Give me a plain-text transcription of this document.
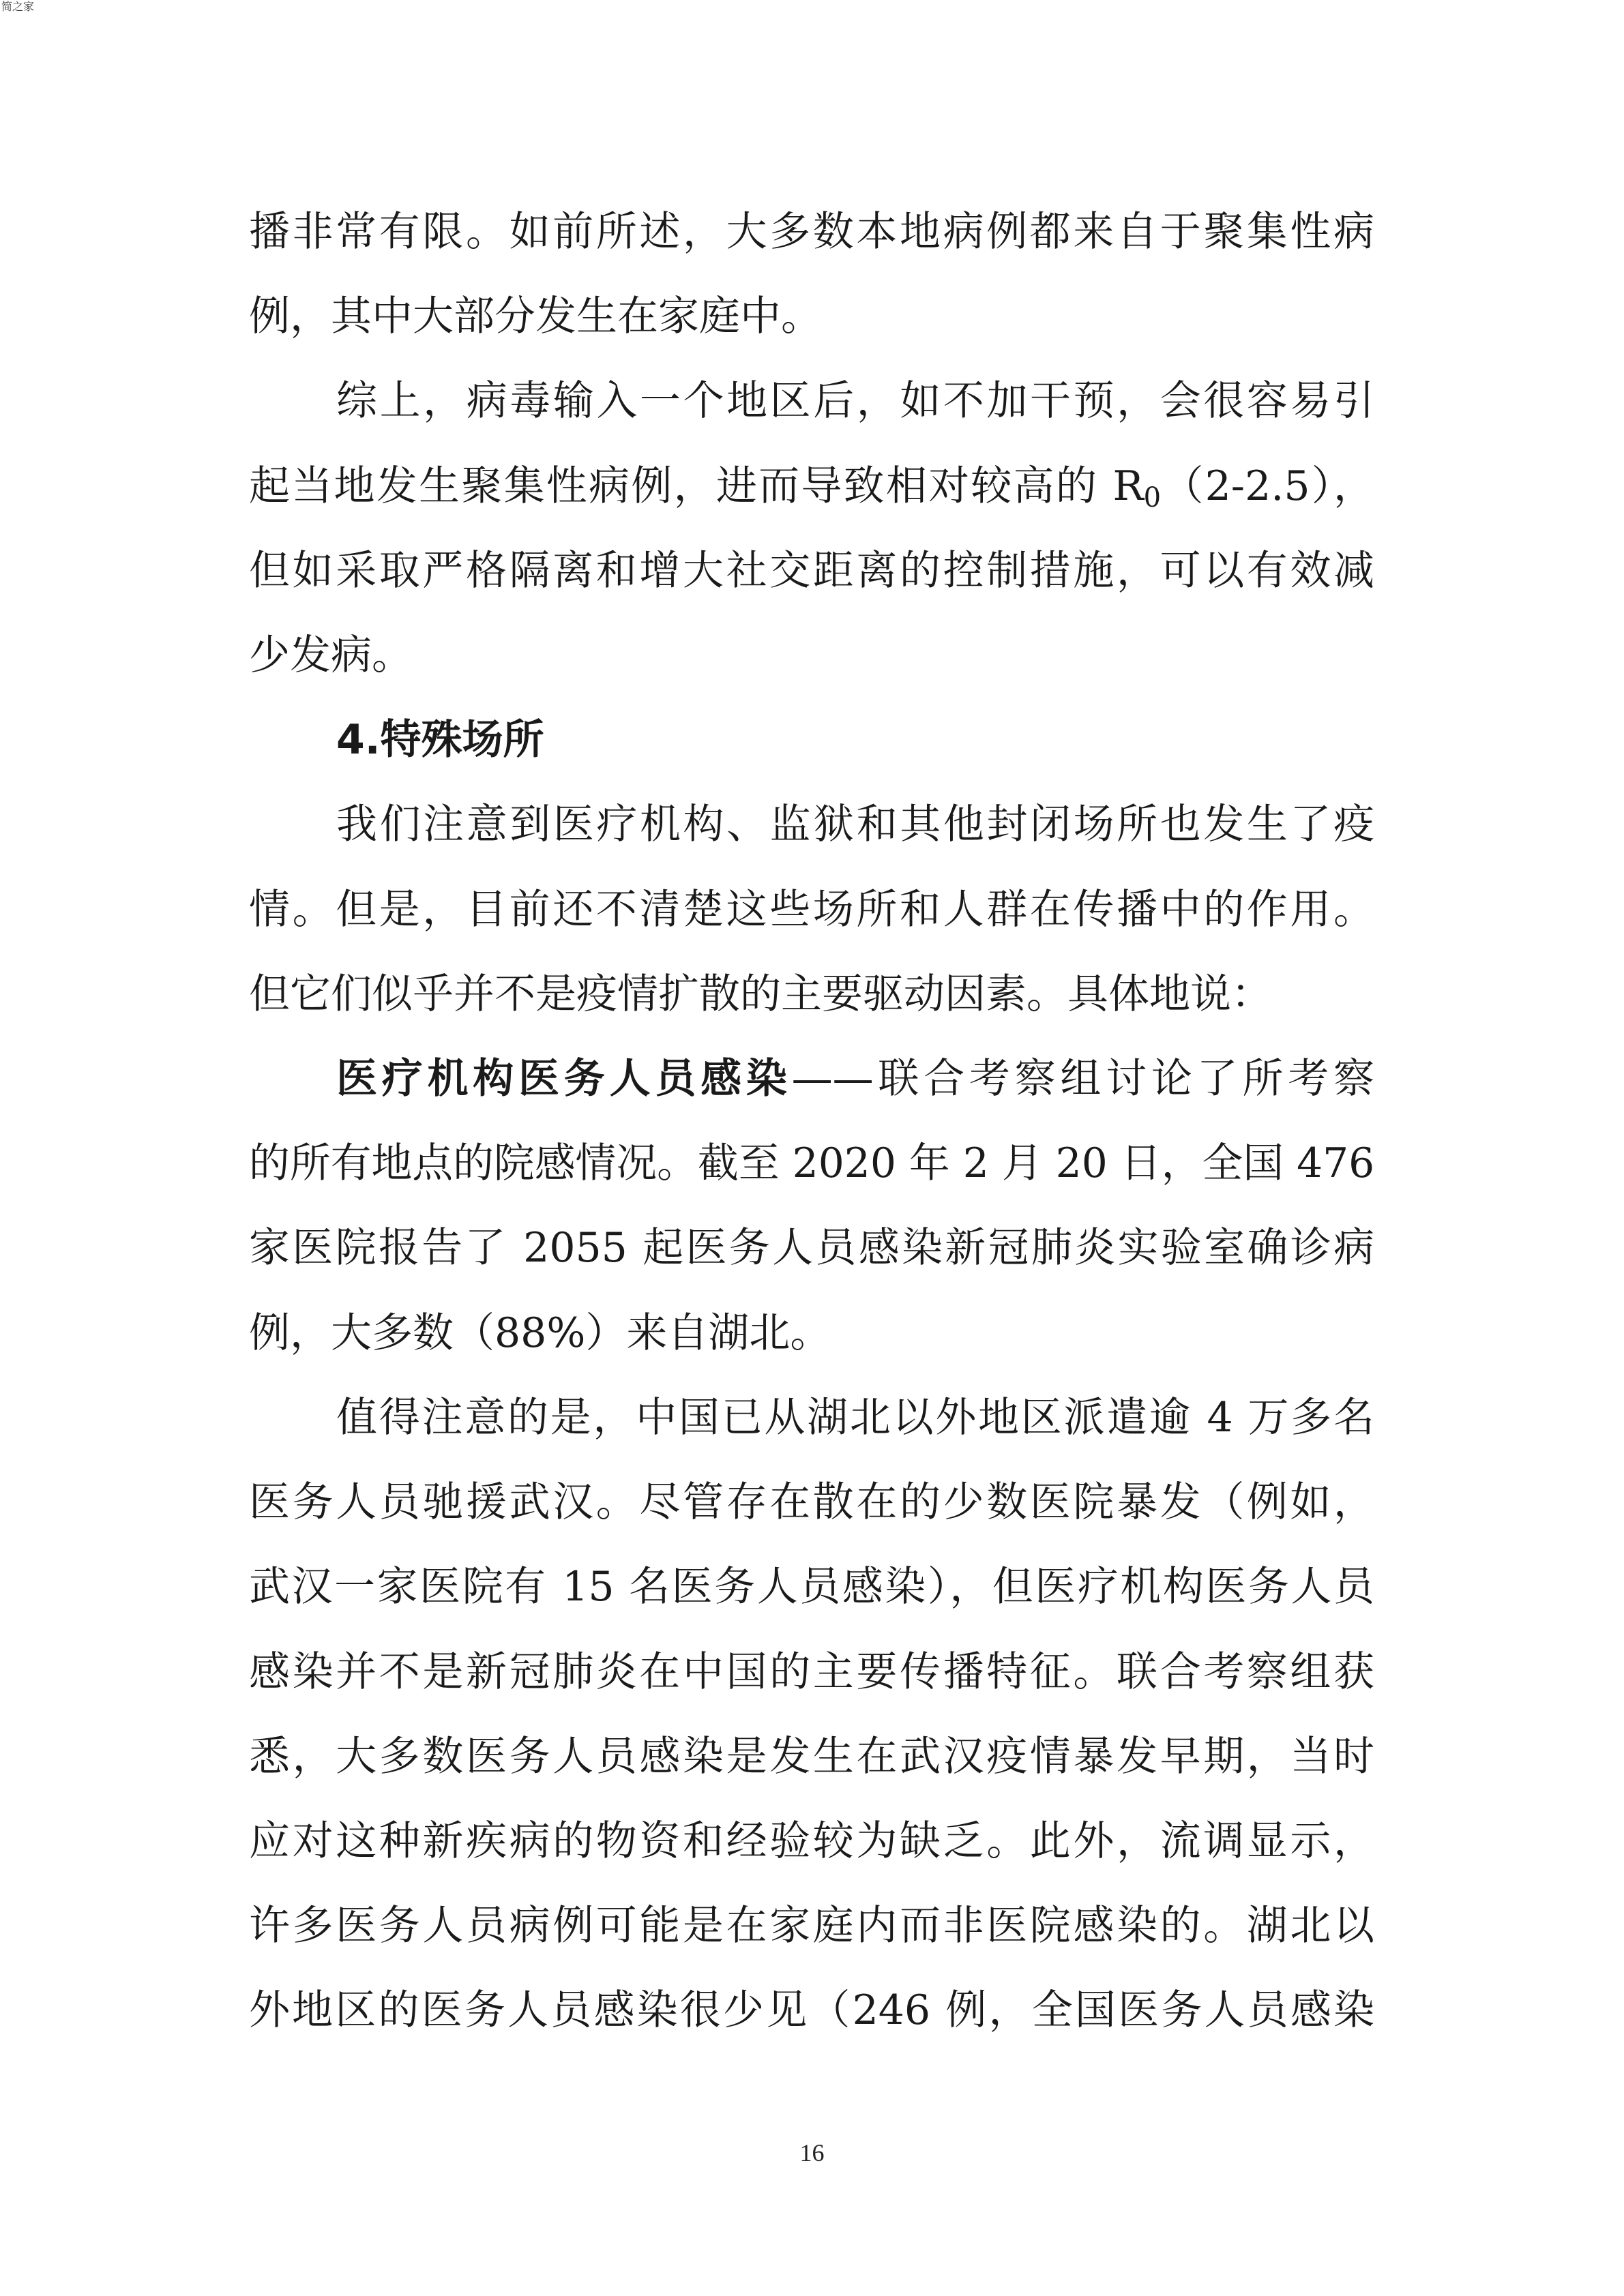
简之家
播非常有限。如前所述，大多数本地病例都来自于聚集性病
例，其中大部分发生在家庭中。
综上，病毒输入一个地区后，如不加干预，会很容易引
起当地发生聚集性病例，进而导致相对较高的 $R_0(2-2.5)$，
但如采取严格隔离和增大社交距离的控制措施，可以有效减
少发病。
4.特殊场所
我们注意到医疗机构、监狱和其他封闭场所也发生了疫
情。但是，目前还不清楚这些场所和人群在传播中的作用。
但它们似乎并不是疫情扩散的主要驱动因素。具体地说：
医疗机构医务人员感染——联合考察组讨论了所考察
的所有地点的院感情况。截至 2020 年 2 月 20 日，全国 476
家医院报告了 2055 起医务人员感染新冠肺炎实验室确诊病
例，大多数（88%）来自湖北。
值得注意的是，中国已从湖北以外地区派遣逾 4 万多名
医务人员驰援武汉。尽管存在散在的少数医院暴发（例如，
武汉一家医院有 15 名医务人员感染），但医疗机构医务人员
感染并不是新冠肺炎在中国的主要传播特征。联合考察组获
悉，大多数医务人员感染是发生在武汉疫情暴发早期，当时
应对这种新疾病的物资和经验较为缺乏。此外，流调显示，
许多医务人员病例可能是在家庭内而非医院感染的。湖北以
外地区的医务人员感染很少见（246 例，全国医务人员感染
16
